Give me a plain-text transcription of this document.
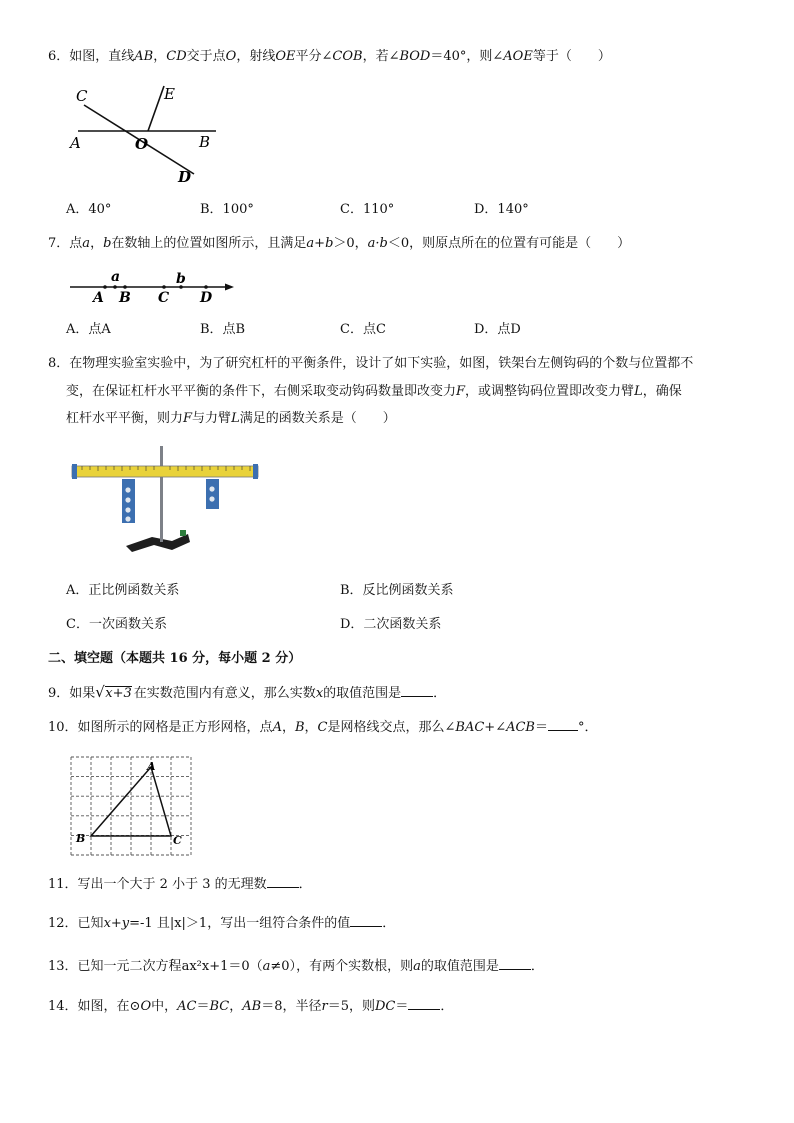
6．如图，直线AB，CD交于点O，射线OE平分∠COB，若∠BOD＝40°，则∠AOE等于（　　）
C	E
A	O	B
D
A．40°	B．100°	C．110°	D．140°
7．点a，b在数轴上的位置如图所示，且满足a+b＞0，a·b＜0，则原点所在的位置有可能是（　　）
a	b
A B C D
A．点A	B．点B	C．点C	D．点D
8．在物理实验室实验中，为了研究杠杆的平衡条件，设计了如下实验，如图，铁架台左侧钩码的个数与位置都不
变，在保证杠杆水平平衡的条件下，右侧采取变动钩码数量即改变力F，或调整钩码位置即改变力臂L，确保
杠杆水平平衡，则力F与力臂L满足的函数关系是（　　）
A．正比例函数关系	B．反比例函数关系
C．一次函数关系	D．二次函数关系
二、填空题（本题共 16 分，每小题 2 分）
9．如果 √ x+3 在实数范围内有意义，那么实数x的取值范围是 ．
10．如图所示的网格是正方形网格，点A，B，C是网格线交点，那么∠BAC+∠ACB＝ °．
A
B	C
11．写出一个大于 2 小于 3 的无理数 ．
12．已知x+y=-1 且|x|＞1，写出一组符合条件的值 ．
13．已知一元二次方程ax²x+1＝0（a≠0），有两个实数根，则a的取值范围是 ．
14．如图，在⊙O中，AC＝BC，AB＝8，半径r＝5，则DC＝ ．
